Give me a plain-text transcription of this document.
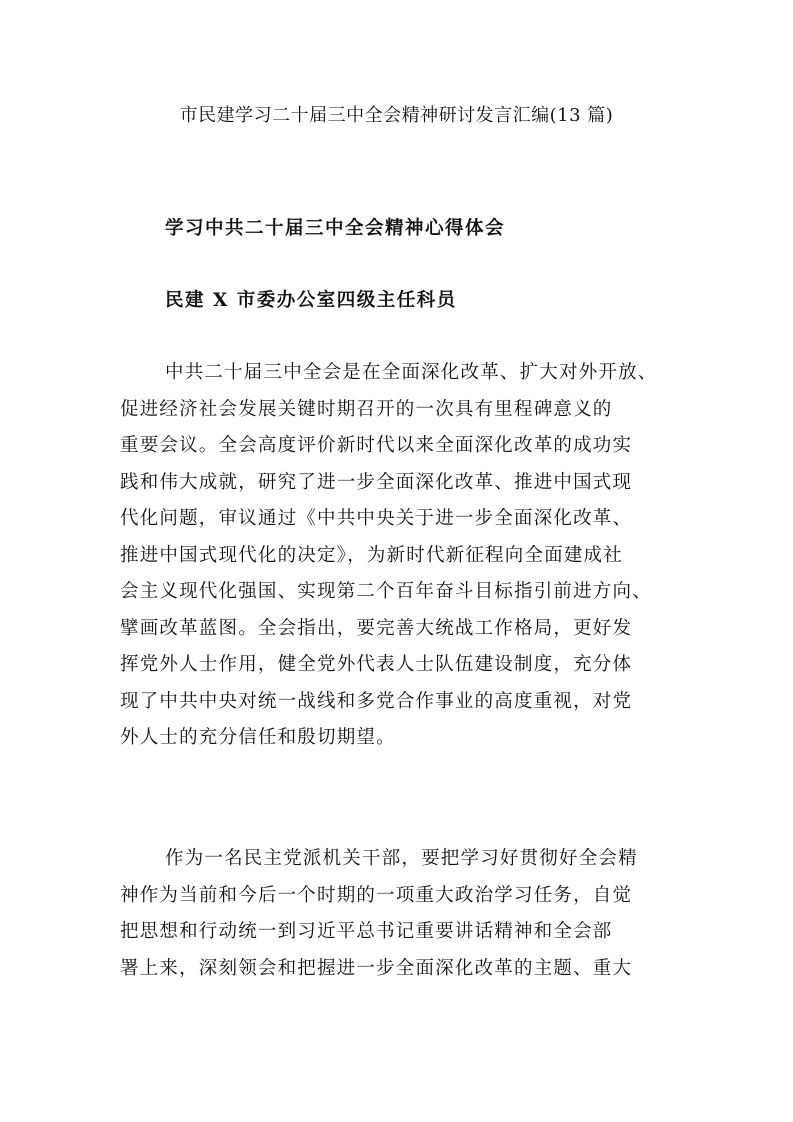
市民建学习二十届三中全会精神研讨发言汇编(13 篇)
学习中共二十届三中全会精神心得体会
民建 X 市委办公室四级主任科员
中共二十届三中全会是在全面深化改革、扩大对外开放、
促进经济社会发展关键时期召开的一次具有里程碑意义的
重要会议。全会高度评价新时代以来全面深化改革的成功实
践和伟大成就，研究了进一步全面深化改革、推进中国式现
代化问题，审议通过《中共中央关于进一步全面深化改革、
推进中国式现代化的决定》，为新时代新征程向全面建成社
会主义现代化强国、实现第二个百年奋斗目标指引前进方向、
擘画改革蓝图。全会指出，要完善大统战工作格局，更好发
挥党外人士作用，健全党外代表人士队伍建设制度，充分体
现了中共中央对统一战线和多党合作事业的高度重视，对党
外人士的充分信任和殷切期望。
作为一名民主党派机关干部，要把学习好贯彻好全会精
神作为当前和今后一个时期的一项重大政治学习任务，自觉
把思想和行动统一到习近平总书记重要讲话精神和全会部
署上来，深刻领会和把握进一步全面深化改革的主题、重大
